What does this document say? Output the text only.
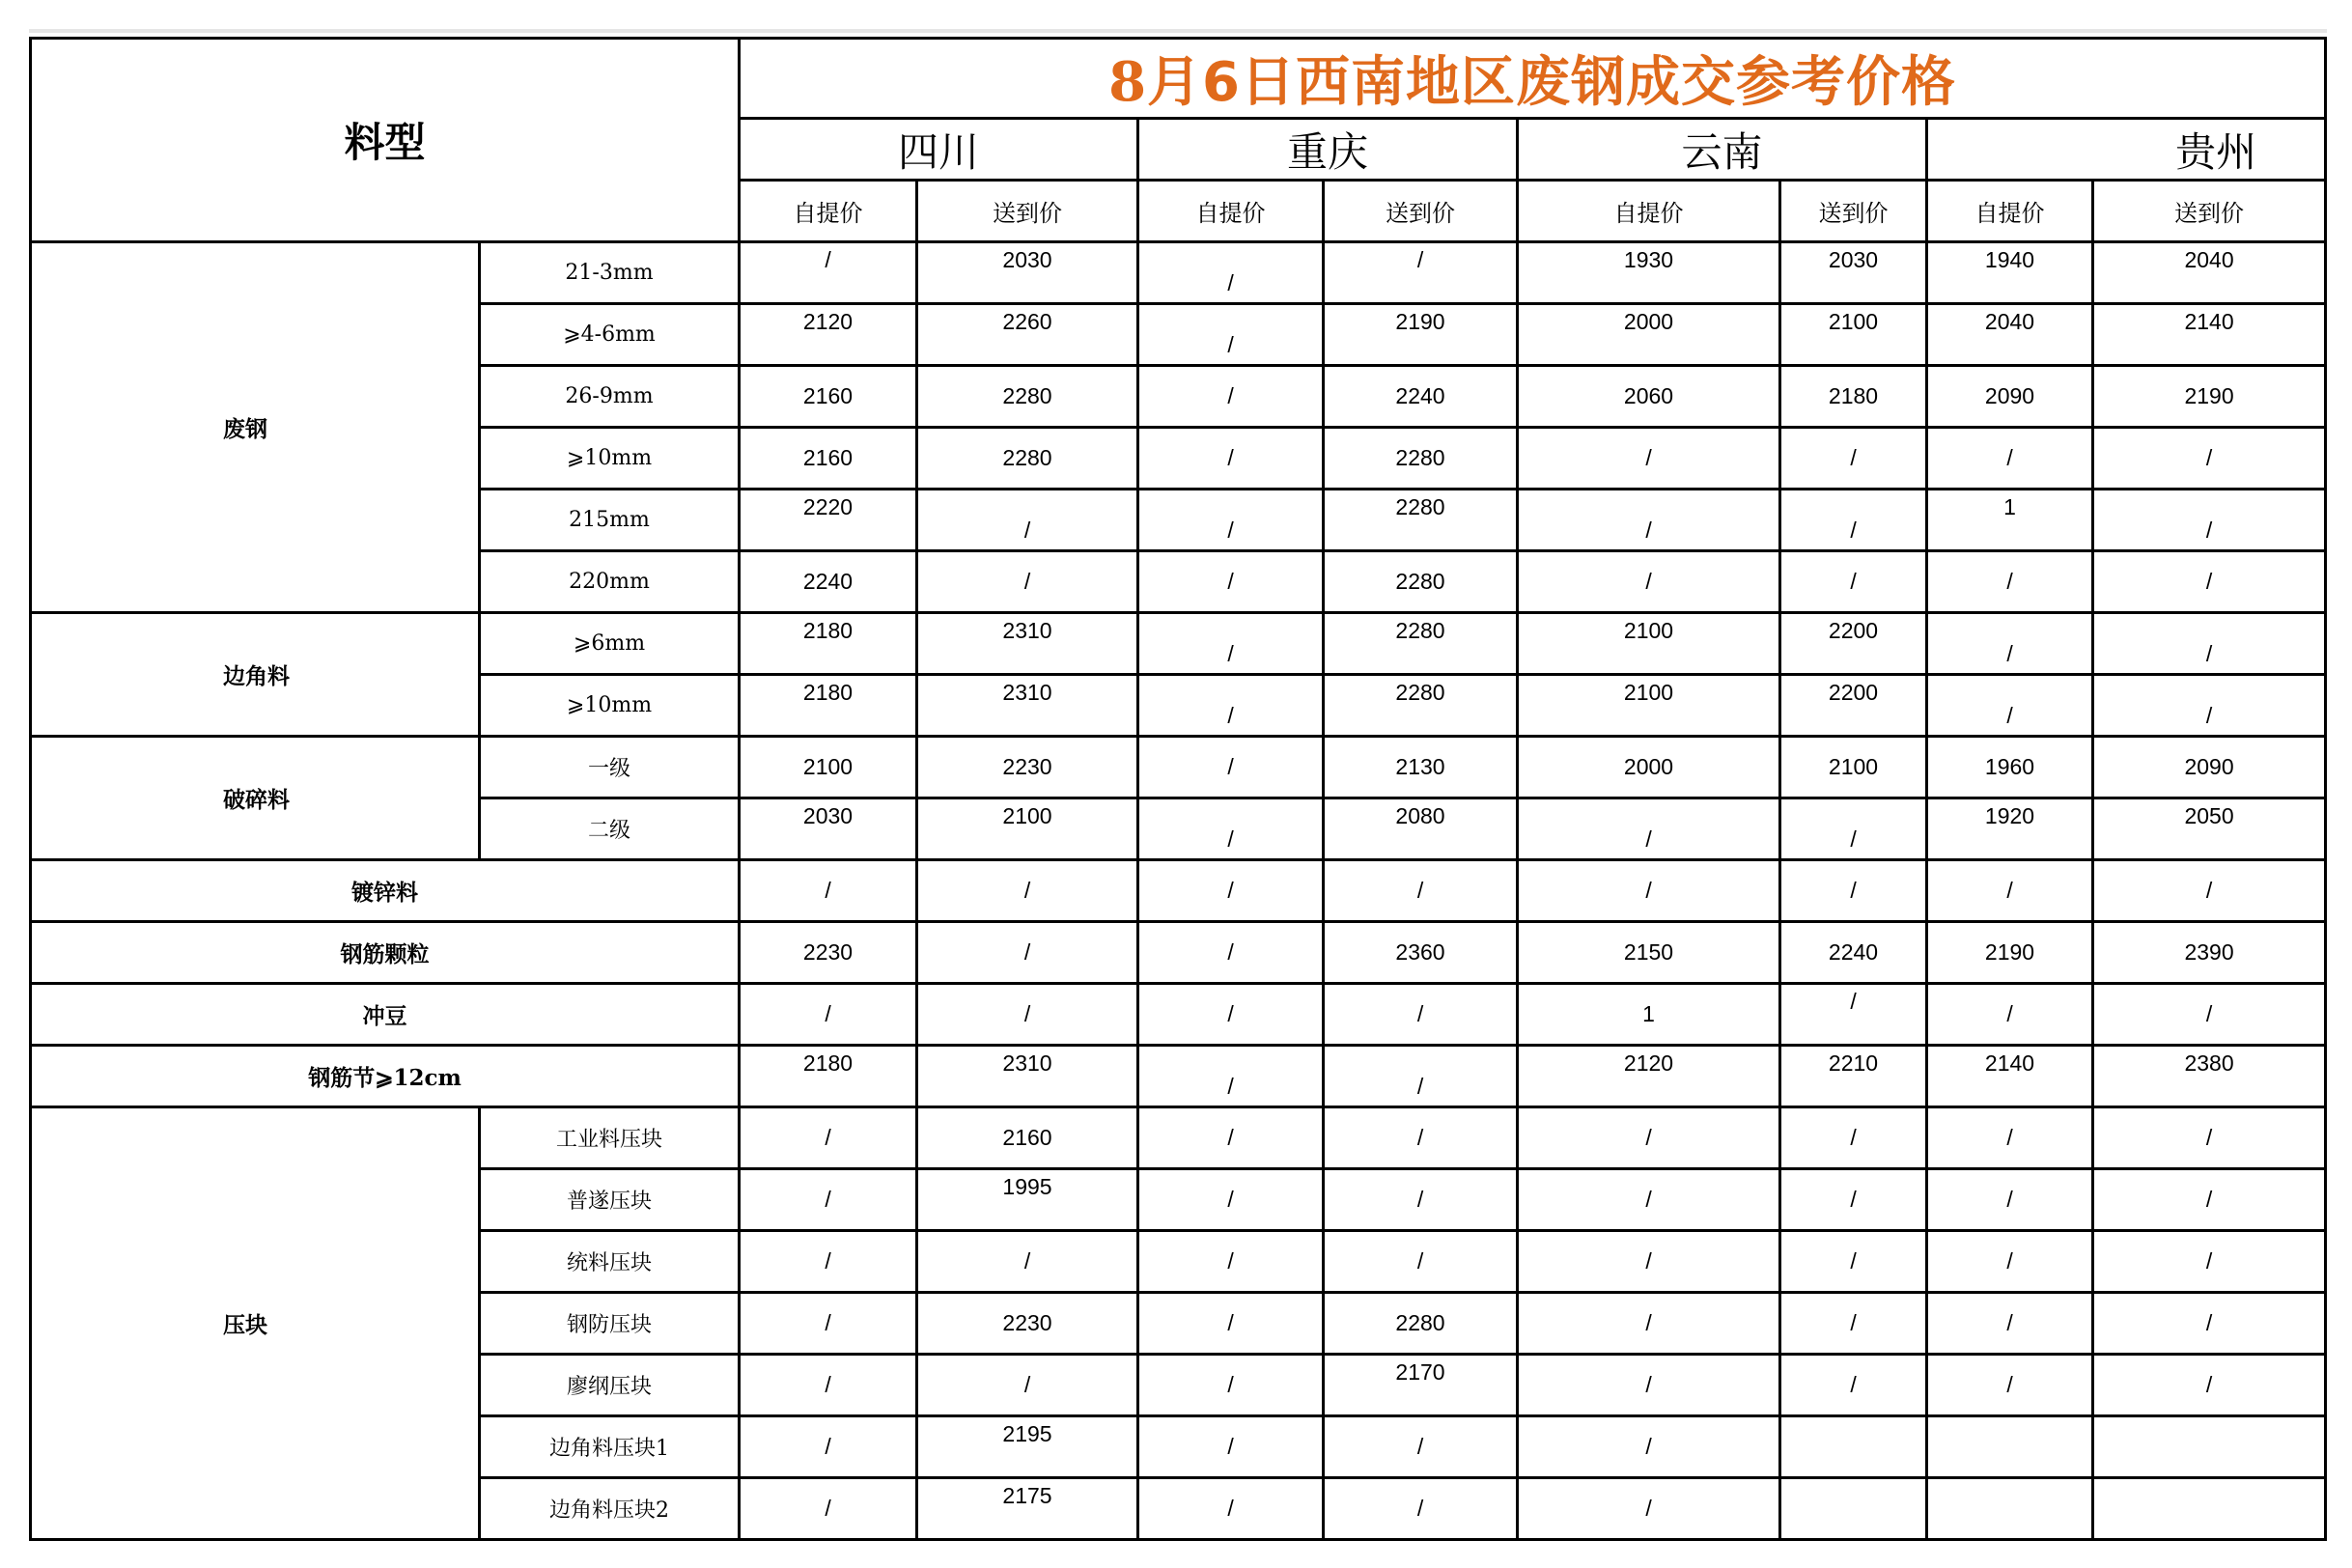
料型		8月6日西南地区废钢成交参考价格							
		四川		重庆		云南		贵州	
		自提价	送到价	自提价	送到价	自提价	送到价	自提价	送到价
废钢	21-3mm	/	2030	/	/	1930	2030	1940	2040
	⩾4-6mm	2120	2260	/	2190	2000	2100	2040	2140
	26-9mm	2160	2280	/	2240	2060	2180	2090	2190
	⩾10mm	2160	2280	/	2280	/	/	/	/
	215mm	2220	/	/	2280	/	/	1	/
	220mm	2240	/	/	2280	/	/	/	/
边角料	⩾6mm	2180	2310	/	2280	2100	2200	/	/
	⩾10mm	2180	2310	/	2280	2100	2200	/	/
破碎料	一级	2100	2230	/	2130	2000	2100	1960	2090
	二级	2030	2100	/	2080	/	/	1920	2050
镀锌料		/	/	/	/	/	/	/	/
钢筋颗粒		2230	/	/	2360	2150	2240	2190	2390
冲豆		/	/	/	/	1	/	/	/
钢筋节⩾12cm		2180	2310	/	/	2120	2210	2140	2380
压块	工业料压块	/	2160	/	/	/	/	/	/
	普遂压块	/	1995	/	/	/	/	/	/
	统料压块	/	/	/	/	/	/	/	/
	钢防压块	/	2230	/	2280	/	/	/	/
	廖纲压块	/	/	/	2170	/	/	/	/
	边角料压块1	/	2195	/	/	/			
	边角料压块2	/	2175	/	/	/			
